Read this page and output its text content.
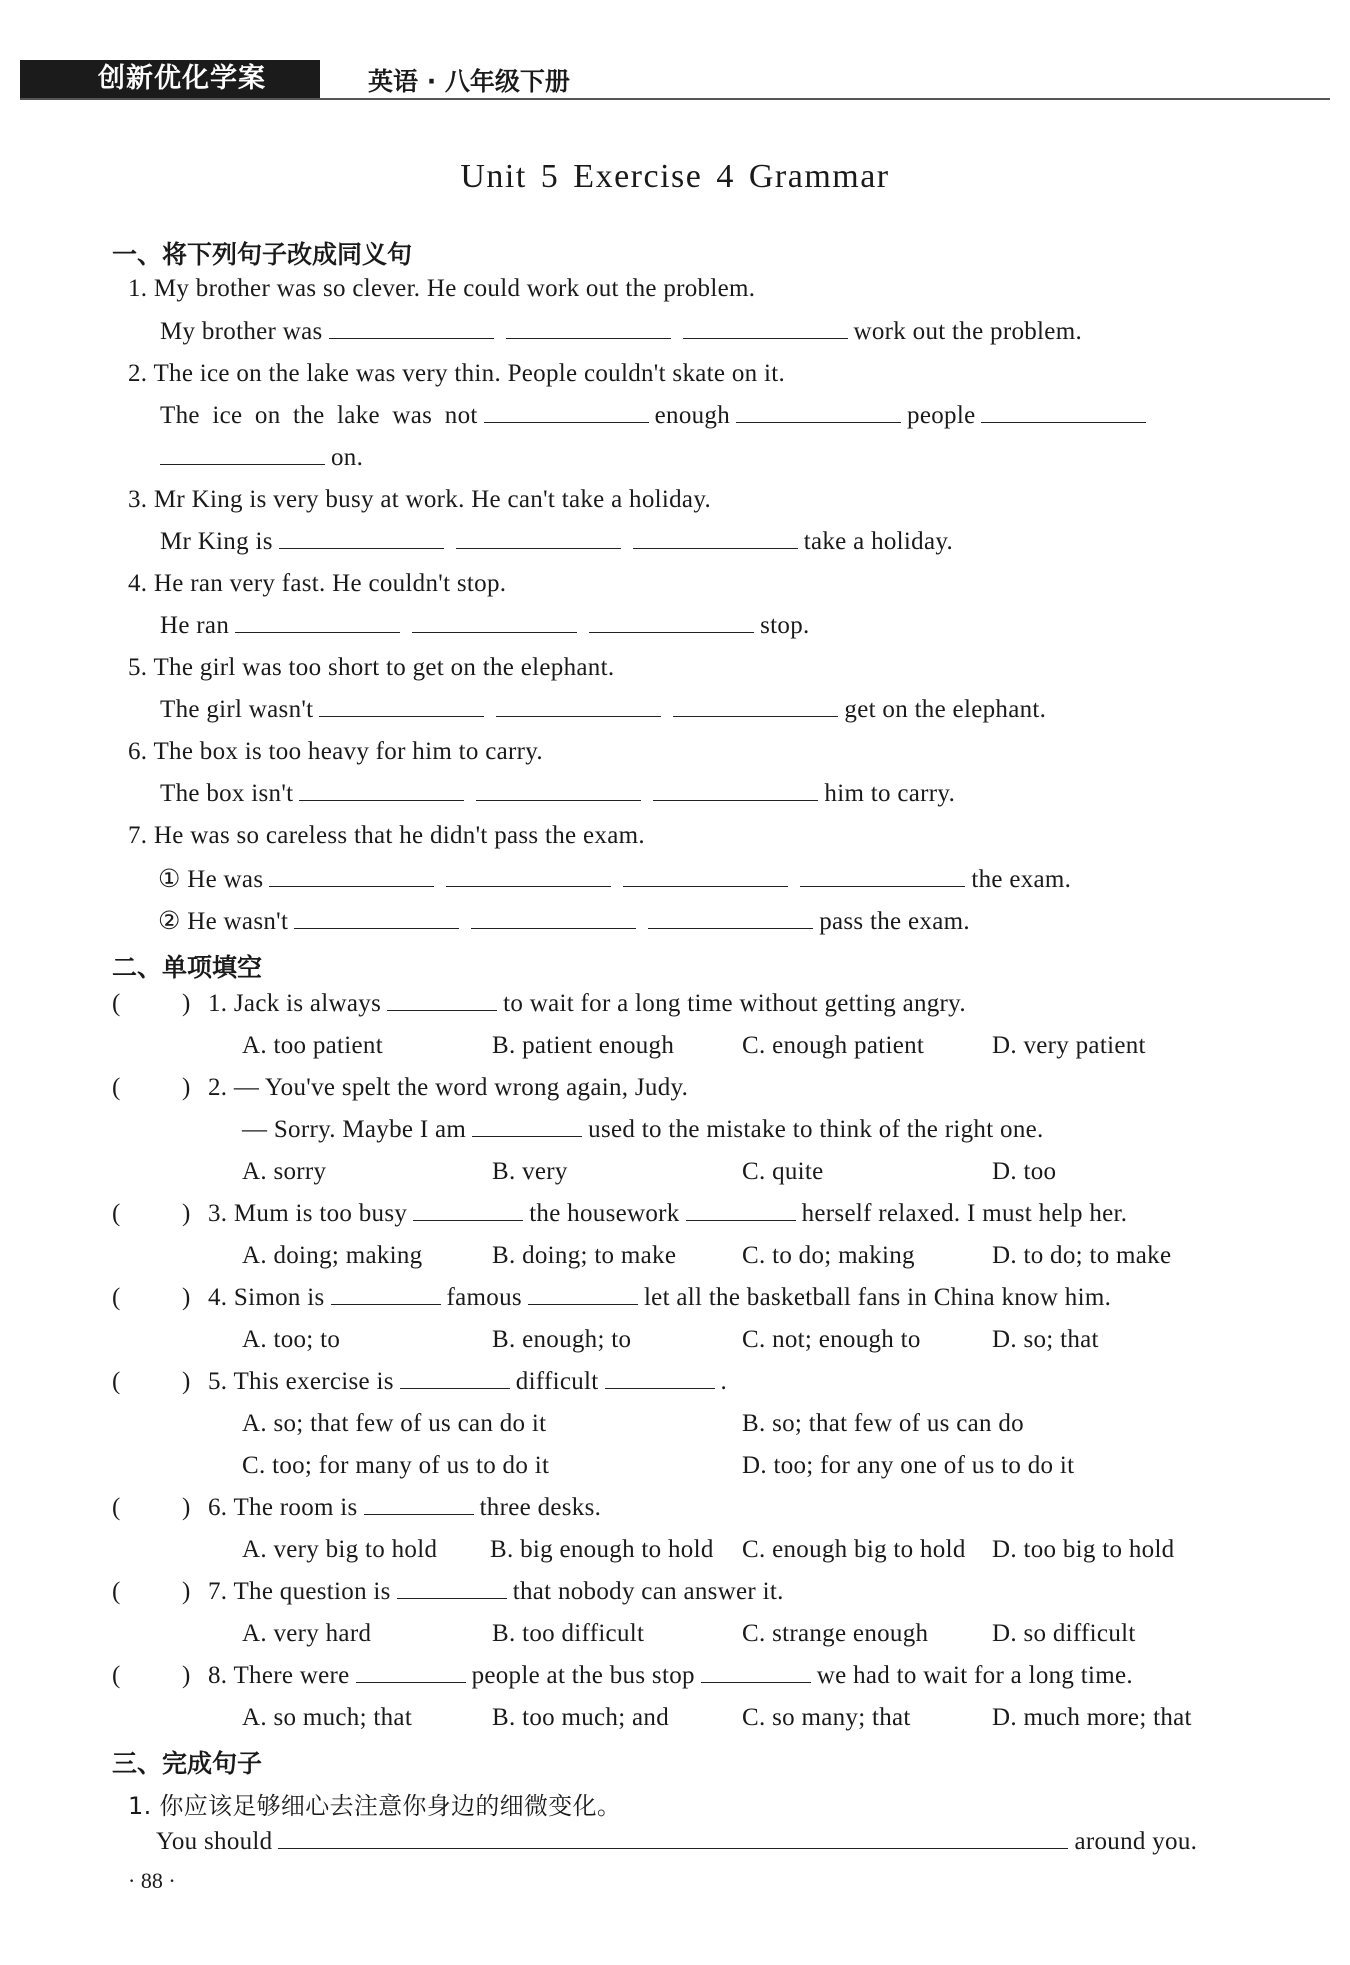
创新优化学案	英语 · 八年级下册
Unit 5 Exercise 4 Grammar
一、将下列句子改成同义句
1. My brother was so clever. He could work out the problem.
My brother was	work out the problem.
2. The ice on the lake was very thin. People couldn't skate on it.
The ice on the lake was not	enough	people
on.
3. Mr King is very busy at work. He can't take a holiday.
Mr King is	take a holiday.
4. He ran very fast. He couldn't stop.
He ran	stop.
5. The girl was too short to get on the elephant.
The girl wasn't	get on the elephant.
6. The box is too heavy for him to carry.
The box isn't	him to carry.
7. He was so careless that he didn't pass the exam.
① He was	the exam.
② He wasn't	pass the exam.
二、单项填空
( ) 1. Jack is always	to wait for a long time without getting angry.
A. too patient	B. patient enough	C. enough patient	D. very patient
( ) 2. — You've spelt the word wrong again, Judy.
— Sorry. Maybe I am	used to the mistake to think of the right one.
A. sorry	B. very	C. quite	D. too
( ) 3. Mum is too busy	the housework	herself relaxed. I must help her.
A. doing; making	B. doing; to make	C. to do; making	D. to do; to make
( ) 4. Simon is	famous	let all the basketball fans in China know him.
A. too; to	B. enough; to	C. not; enough to	D. so; that
( ) 5. This exercise is	difficult	.
A. so; that few of us can do it	B. so; that few of us can do
C. too; for many of us to do it	D. too; for any one of us to do it
( ) 6. The room is	three desks.
A. very big to hold B. big enough to hold C. enough big to hold D. too big to hold
( ) 7. The question is	that nobody can answer it.
A. very hard	B. too difficult	C. strange enough	D. so difficult
( ) 8. There were	people at the bus stop	we had to wait for a long time.
A. so much; that	B. too much; and	C. so many; that	D. much more; that
三、完成句子
1. 你应该足够细心去注意你身边的细微变化。
You should	around you.
· 88 ·
